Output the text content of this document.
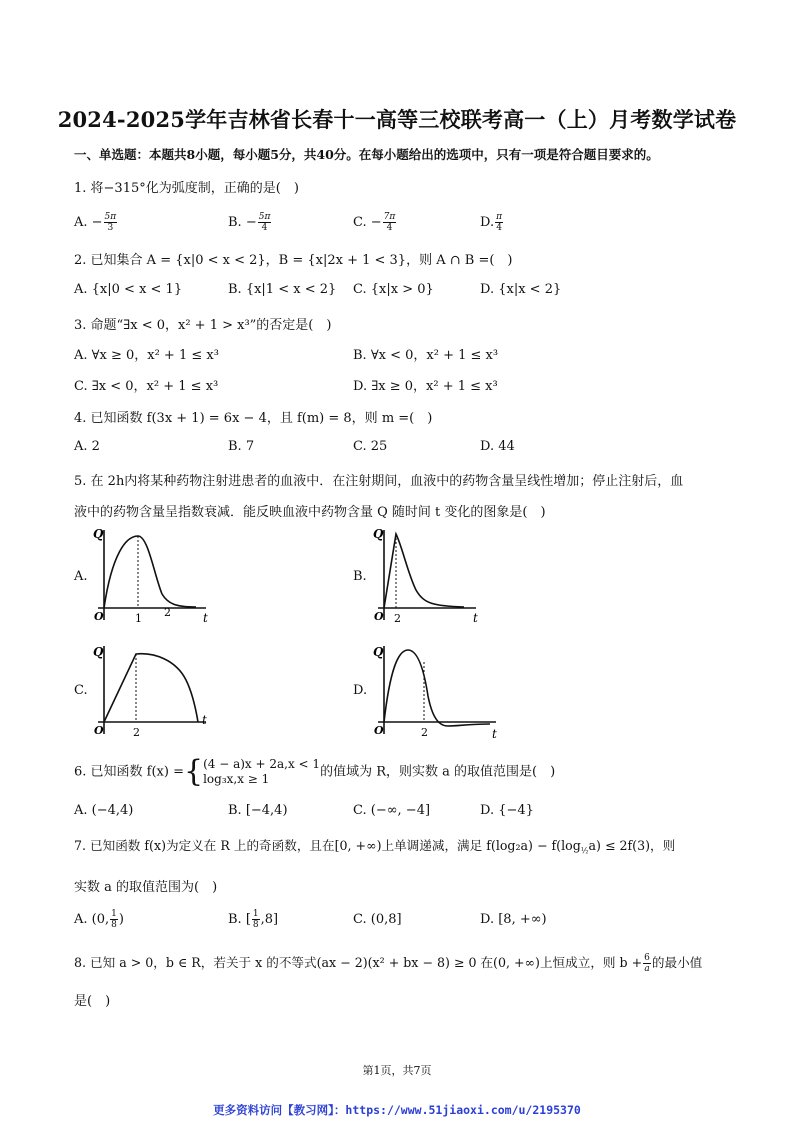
2024-2025学年吉林省长春十一高等三校联考高一（上）月考数学试卷
一、单选题：本题共8小题，每小题5分，共40分。在每小题给出的选项中，只有一项是符合题目要求的。
1. 将−315°化为弧度制，正确的是(　)
A. − $\frac{5\pi}{3}$	B. − $\frac{5\pi}{4}$	C. − $\frac{7\pi}{4}$	D. $\frac{\pi}{4}$
2. 已知集合 A = {x|0 < x < 2}，B = {x|2x + 1 < 3}，则 A ∩ B =(　)
A. {x|0 < x < 1}	B. {x|1 < x < 2} C. {x|x > 0}	D. {x|x < 2}
3. 命题“∃x < 0，x² + 1 > x³”的否定是(　)
A. ∀x ≥ 0，x² + 1 ≤ x³	B. ∀x < 0，x² + 1 ≤ x³
C. ∃x < 0，x² + 1 ≤ x³	D. ∃x ≥ 0，x² + 1 ≤ x³
4. 已知函数 f(3x + 1) = 6x − 4，且 f(m) = 8，则 m =(　)
A. 2	B. 7	C. 25	D. 44
5. 在 2h内将某种药物注射进患者的血液中．在注射期间，血液中的药物含量呈线性增加；停止注射后，血
液中的药物含量呈指数衰减．能反映血液中药物含量 Q 随时间 t 变化的图象是(　)
A.	B.
C.	D.
Q
t
O	1 2
Q
t
O 2
Q
t
O	2
Q
t
O	2
6. 已知函数 f(x) ={ (4 − a)x + 2a,x < 1
log₃x,x ≥ 1	的值域为 R，则实数 a 的取值范围是(　)
A. (−4,4)	B. [−4,4)	C. (−∞, −4]	D. {−4}
7. 已知函数 f(x)为定义在 R 上的奇函数，且在[0, +∞)上单调递减，满足 $f(\log_2a) - f(\log_{\frac{1}{2}}a) \le 2f(3)$，则
实数 a 的取值范围为(　)
A. (0, $\frac{1}{8}$ )	B. [ $\frac{1}{8} ,8$]	C. (0,8]	D. [8, +∞)
8. 已知 a > 0，b ∈ R，若关于 x 的不等式(ax − 2)(x² + bx − 8) ≥ 0 在(0, +∞)上恒成立，则 $b + \frac{6}{a}$ 的最小值
是(　)
第1页，共7页
更多资料访问【教习网】：https://www.51jiaoxi.com/u/2195370
